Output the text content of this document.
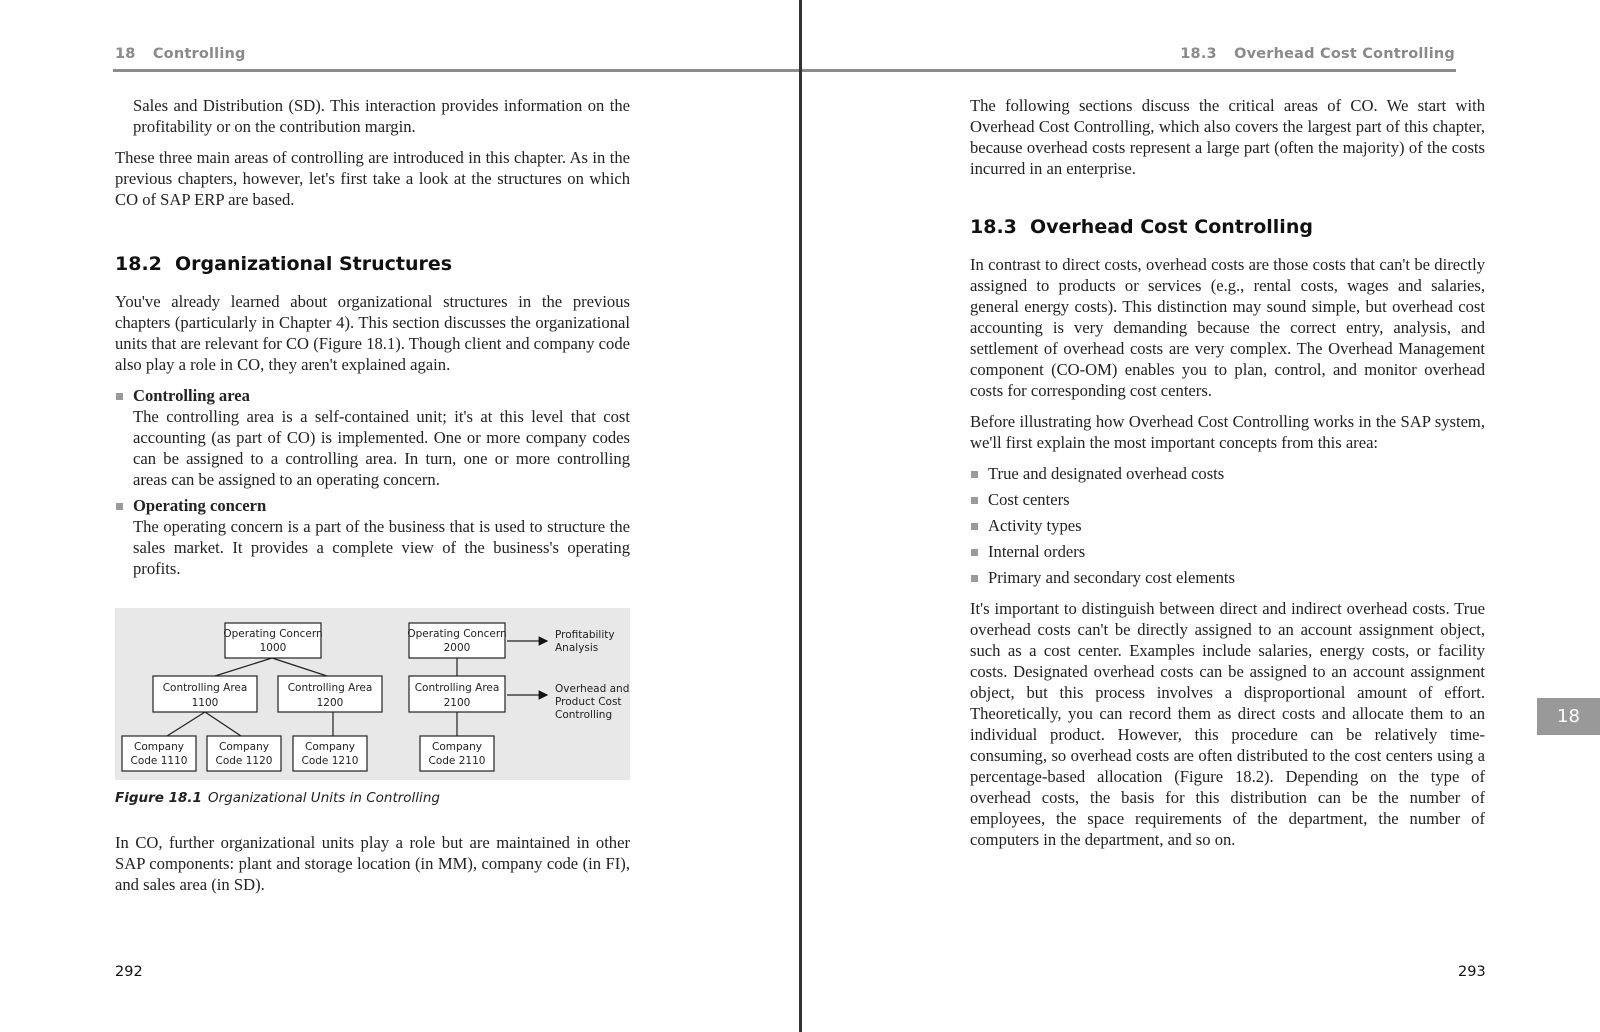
18 Controlling

Sales and Distribution (SD). This interaction provides information on the profitability or on the contribution margin.

These three main areas of controlling are introduced in this chapter. As in the previous chapters, however, let's first take a look at the structures on which CO of SAP ERP are based.

18.2 Organizational Structures

You've already learned about organizational structures in the previous chapters (particularly in Chapter 4). This section discusses the organizational units that are relevant for CO (Figure 18.1). Though client and company code also play a role in CO, they aren't explained again.

Controlling area
The controlling area is a self-contained unit; it's at this level that cost accounting (as part of CO) is implemented. One or more company codes can be assigned to a controlling area. In turn, one or more controlling areas can be assigned to an operating concern.
Operating concern
The operating concern is a part of the business that is used to structure the sales market. It provides a complete view of the business's operating profits.
Operating Concern
1000
Controlling Area
1100
Controlling Area
1200
Company
Code 1110
Company
Code 1120
Company
Code 1210
Operating Concern
2000
Controlling Area
2100
Company
Code 2110
Profitability
Analysis
Overhead and
Product Cost
Controlling
Figure 18.1 Organizational Units in Controlling

In CO, further organizational units play a role but are maintained in other SAP components: plant and storage location (in MM), company code (in FI), and sales area (in SD).

292
18.3 Overhead Cost Controlling

The following sections discuss the critical areas of CO. We start with Overhead Cost Controlling, which also covers the largest part of this chapter, because overhead costs represent a large part (often the majority) of the costs incurred in an enterprise.

18.3 Overhead Cost Controlling

In contrast to direct costs, overhead costs are those costs that can't be directly assigned to products or services (e.g., rental costs, wages and salaries, general energy costs). This distinction may sound simple, but overhead cost accounting is very demanding because the correct entry, analysis, and settlement of overhead costs are very complex. The Overhead Management component (CO-OM) enables you to plan, control, and monitor overhead costs for corresponding cost centers.

Before illustrating how Overhead Cost Controlling works in the SAP system, we'll first explain the most important concepts from this area:

True and designated overhead costs
Cost centers
Activity types
Internal orders
Primary and secondary cost elements

It's important to distinguish between direct and indirect overhead costs. True overhead costs can't be directly assigned to an account assignment object, such as a cost center. Examples include salaries, energy costs, or facility costs. Designated overhead costs can be assigned to an account assignment object, but this process involves a disproportional amount of effort. Theoretically, you can record them as direct costs and allocate them to an individual product. However, this procedure can be relatively time-consuming, so overhead costs are often distributed to the cost centers using a percentage-based allocation (Figure 18.2). Depending on the type of overhead costs, the basis for this distribution can be the number of employees, the space requirements of the department, the number of computers in the department, and so on.

18
293
